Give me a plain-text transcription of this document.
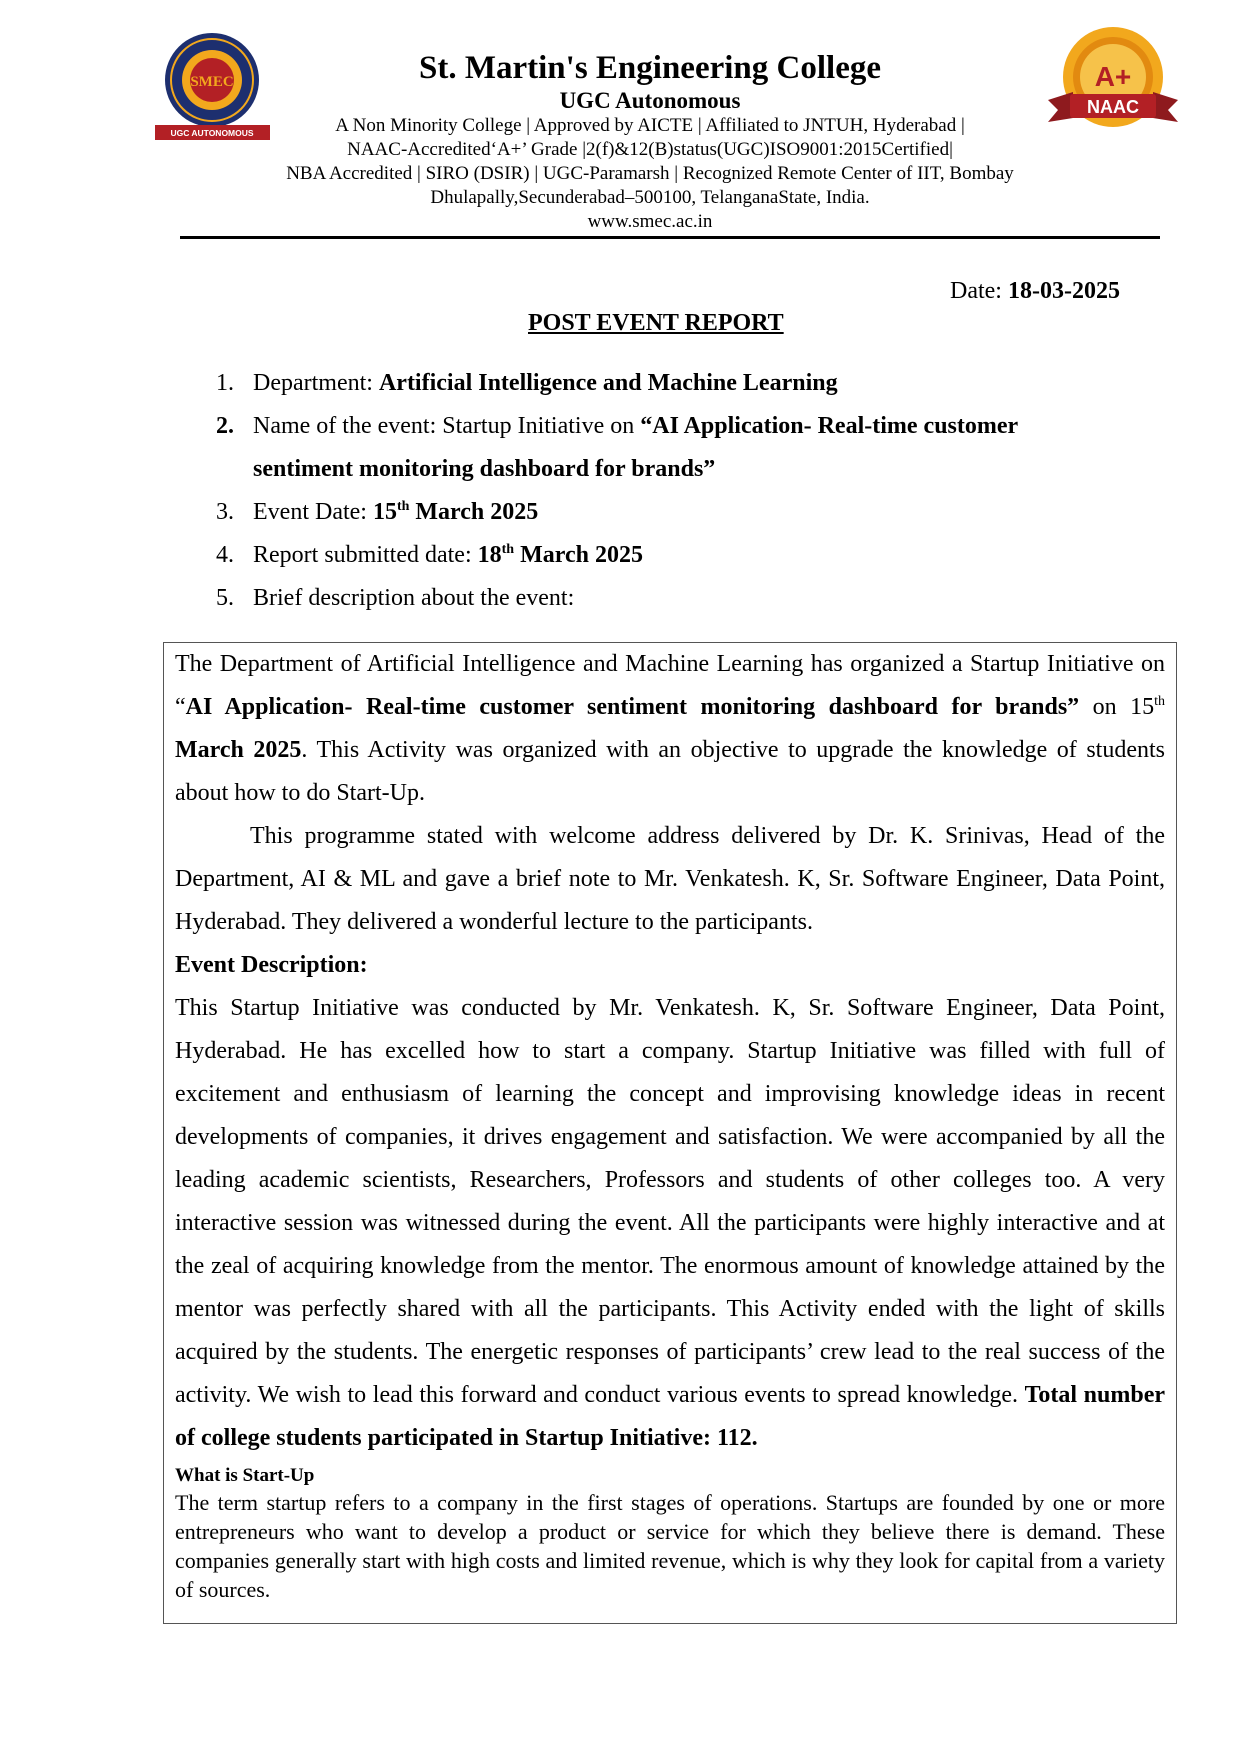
SMEC
UGC AUTONOMOUS
A+
NAAC
St. Martin's Engineering College
UGC Autonomous
A Non Minority College | Approved by AICTE | Affiliated to JNTUH, Hyderabad |
NAAC-Accredited‘A+’ Grade |2(f)&12(B)status(UGC)ISO9001:2015Certified|
NBA Accredited | SIRO (DSIR) | UGC-Paramarsh | Recognized Remote Center of IIT, Bombay
Dhulapally,Secunderabad–500100, TelanganaState, India.
www.smec.ac.in
Date: 18-03-2025
POST EVENT REPORT
1. Department: Artificial Intelligence and Machine Learning
2. Name of the event: Startup Initiative on “AI Application- Real-time customer
sentiment monitoring dashboard for brands”
3. Event Date: 15th March 2025
4. Report submitted date: 18th March 2025
5. Brief description about the event:

The Department of Artificial Intelligence and Machine Learning has organized a Startup Initiative on “AI Application- Real-time customer sentiment monitoring dashboard for brands” on 15th March 2025. This Activity was organized with an objective to upgrade the knowledge of students about how to do Start-Up.

This programme stated with welcome address delivered by Dr. K. Srinivas, Head of the Department, AI & ML and gave a brief note to Mr. Venkatesh. K, Sr. Software Engineer, Data Point, Hyderabad. They delivered a wonderful lecture to the participants.

Event Description:

This Startup Initiative was conducted by Mr. Venkatesh. K, Sr. Software Engineer, Data Point, Hyderabad. He has excelled how to start a company. Startup Initiative was filled with full of excitement and enthusiasm of learning the concept and improvising knowledge ideas in recent developments of companies, it drives engagement and satisfaction. We were accompanied by all the leading academic scientists, Researchers, Professors and students of other colleges too. A very interactive session was witnessed during the event. All the participants were highly interactive and at the zeal of acquiring knowledge from the mentor. The enormous amount of knowledge attained by the mentor was perfectly shared with all the participants. This Activity ended with the light of skills acquired by the students. The energetic responses of participants’ crew lead to the real success of the activity. We wish to lead this forward and conduct various events to spread knowledge. Total number of college students participated in Startup Initiative: 112.

What is Start-Up

The term startup refers to a company in the first stages of operations. Startups are founded by one or more entrepreneurs who want to develop a product or service for which they believe there is demand. These companies generally start with high costs and limited revenue, which is why they look for capital from a variety of sources.
